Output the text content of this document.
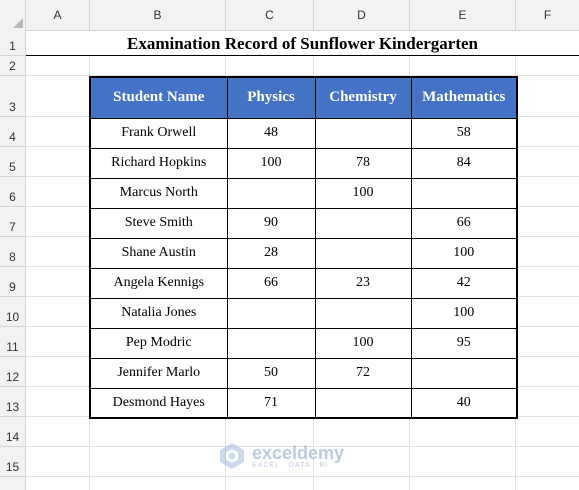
A	B	C	D	E	F
1
2
3
4
5
6
7
8
9
10
11
12
13
14
15
Examination Record of Sunflower Kindergarten
Student Name	Physics	Chemistry	Mathematics
Frank Orwell	48		58
Richard Hopkins	100	78	84
Marcus North		100	
Steve Smith	90		66
Shane Austin	28		100
Angela Kennigs	66	23	42
Natalia Jones			100
Pep Modric		100	95
Jennifer Marlo	50	72	
Desmond Hayes	71		40
exceldemy
EXCEL · DATA · BI
